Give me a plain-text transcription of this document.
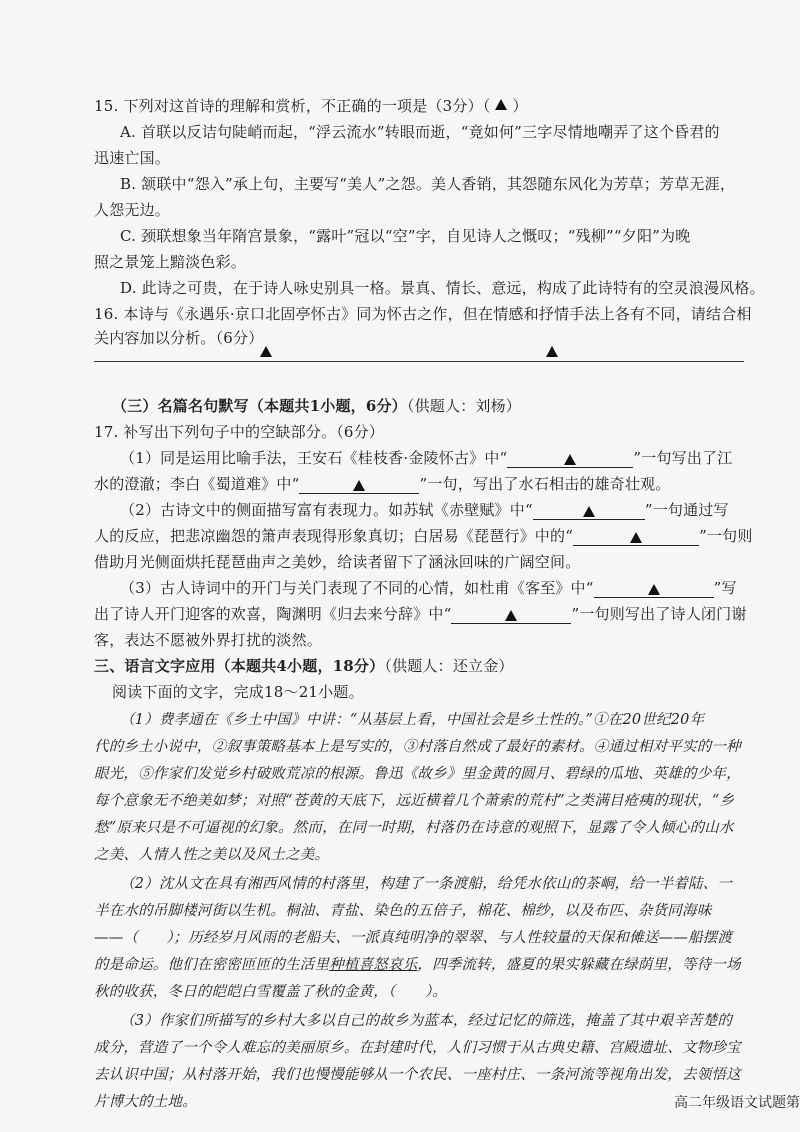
15. 下列对这首诗的理解和赏析，不正确的一项是（3分）（ ）
A. 首联以反诘句陡峭而起，“浮云流水”转眼而逝，“竟如何”三字尽情地嘲弄了这个昏君的
迅速亡国。
B. 颔联中“怨入”承上句，主要写“美人”之怨。美人香销，其怨随东风化为芳草；芳草无涯，
人怨无边。
C. 颈联想象当年隋宫景象，“露叶”冠以“空”字，自见诗人之慨叹；“残柳”“夕阳”为晚
照之景笼上黯淡色彩。
D. 此诗之可贵，在于诗人咏史别具一格。景真、情长、意远，构成了此诗特有的空灵浪漫风格。
16. 本诗与《永遇乐·京口北固亭怀古》同为怀古之作，但在情感和抒情手法上各有不同，请结合相
关内容加以分析。（6分）
（三）名篇名句默写（本题共1小题，6分）（供题人：刘杨）
17. 补写出下列句子中的空缺部分。（6分）
（1）同是运用比喻手法，王安石《桂枝香·金陵怀古》中“	”一句写出了江
水的澄澈；李白《蜀道难》中“	”一句，写出了水石相击的雄奇壮观。
（2）古诗文中的侧面描写富有表现力。如苏轼《赤壁赋》中“	”一句通过写
人的反应，把悲凉幽怨的箫声表现得形象真切；白居易《琵琶行》中的“	”一句则
借助月光侧面烘托琵琶曲声之美妙，给读者留下了涵泳回味的广阔空间。
（3）古人诗词中的开门与关门表现了不同的心情，如杜甫《客至》中“	”写
出了诗人开门迎客的欢喜，陶渊明《归去来兮辞》中“	”一句则写出了诗人闭门谢
客，表达不愿被外界打扰的淡然。
三、语言文字应用（本题共4小题，18分）（供题人：还立金）
阅读下面的文字，完成18～21小题。
（1）费孝通在《乡土中国》中讲：“从基层上看，中国社会是乡土性的。”①在20世纪20年
代的乡土小说中，②叙事策略基本上是写实的，③村落自然成了最好的素材。④通过相对平实的一种
眼光，⑤作家们发觉乡村破败荒凉的根源。鲁迅《故乡》里金黄的圆月、碧绿的瓜地、英雄的少年，
每个意象无不绝美如梦；对照“苍黄的天底下，远近横着几个萧索的荒村”之类满目疮痍的现状，“乡
愁”原来只是不可逼视的幻象。然而，在同一时期，村落仍在诗意的观照下，显露了令人倾心的山水
之美、人情人性之美以及风土之美。
（2）沈从文在具有湘西风情的村落里，构建了一条渡船，给凭水依山的茶峒，给一半着陆、一
半在水的吊脚楼河街以生机。桐油、青盐、染色的五倍子，棉花、棉纱，以及布匹、杂货同海味
——（ ）；历经岁月风雨的老船夫、一派真纯明净的翠翠、与人性较量的天保和傩送——船摆渡
的是命运。他们在密密匝匝的生活里种植喜怒哀乐，四季流转，盛夏的果实躲藏在绿荫里，等待一场
秋的收获，冬日的皑皑白雪覆盖了秋的金黄，（　　）。
（3）作家们所描写的乡村大多以自己的故乡为蓝本，经过记忆的筛选，掩盖了其中艰辛苦楚的
成分，营造了一个令人难忘的美丽原乡。在封建时代，人们习惯于从古典史籍、宫殿遗址、文物珍宝
去认识中国；从村落开始，我们也慢慢能够从一个农民、一座村庄、一条河流等视角出发，去领悟这
片博大的土地。	高二年级语文试题第
